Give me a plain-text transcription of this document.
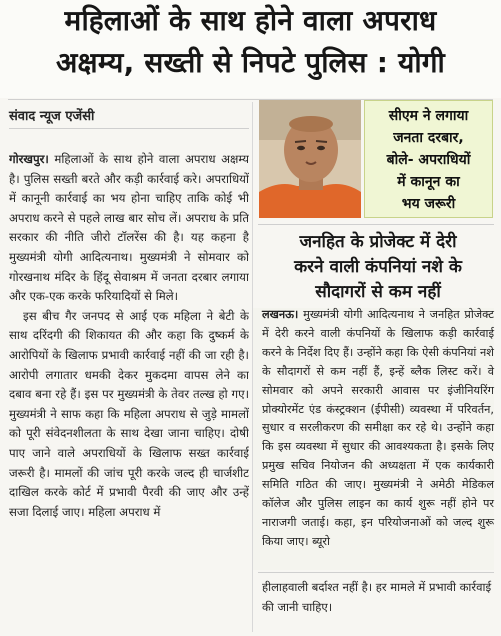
महिलाओं के साथ होने वाला अपराध
अक्षम्य, सख्ती से निपटे पुलिस : योगी
संवाद न्यूज एजेंसी

गोरखपुर। महिलाओं के साथ होने वाला अपराध अक्षम्य है। पुलिस सख्ती बरते और कड़ी कार्रवाई करे। अपराधियों में कानूनी कार्रवाई का भय होना चाहिए ताकि कोई भी अपराध करने से पहले लाख बार सोच लें। अपराध के प्रति सरकार की नीति जीरो टॉलरेंस की है। यह कहना है मुख्यमंत्री योगी आदित्यनाथ। मुख्यमंत्री ने सोमवार को गोरखनाथ मंदिर के हिंदू सेवाश्रम में जनता दरबार लगाया और एक-एक करके फरियादियों से मिले।

इस बीच गैर जनपद से आई एक महिला ने बेटी के साथ दरिंदगी की शिकायत की और कहा कि दुष्कर्म के आरोपियों के खिलाफ प्रभावी कार्रवाई नहीं की जा रही है। आरोपी लगातार धमकी देकर मुकदमा वापस लेने का दबाव बना रहे हैं। इस पर मुख्यमंत्री के तेवर तल्ख हो गए। मुख्यमंत्री ने साफ कहा कि महिला अपराध से जुड़े मामलों को पूरी संवेदनशीलता के साथ देखा जाना चाहिए। दोषी पाए जाने वाले अपराधियों के खिलाफ सख्त कार्रवाई जरूरी है। मामलों की जांच पूरी करके जल्द ही चार्जशीट दाखिल करके कोर्ट में प्रभावी पैरवी की जाए और उन्हें सजा दिलाई जाए। महिला अपराध में

सीएम ने लगाया
जनता दरबार,
बोले- अपराधियों
में कानून का
भय जरूरी
जनहित के प्रोजेक्ट में देरी
करने वाली कंपनियां नशे के
सौदागरों से कम नहीं
लखनऊ। मुख्यमंत्री योगी आदित्यनाथ ने जनहित प्रोजेक्ट में देरी करने वाली कंपनियों के खिलाफ कड़ी कार्रवाई करने के निर्देश दिए हैं। उन्होंने कहा कि ऐसी कंपनियां नशे के सौदागरों से कम नहीं हैं, इन्हें ब्लैक लिस्ट करें। वे सोमवार को अपने सरकारी आवास पर इंजीनियरिंग प्रोक्योरमेंट एंड कंस्ट्रक्शन (ईपीसी) व्यवस्था में परिवर्तन, सुधार व सरलीकरण की समीक्षा कर रहे थे। उन्होंने कहा कि इस व्यवस्था में सुधार की आवश्यकता है। इसके लिए प्रमुख सचिव नियोजन की अध्यक्षता में एक कार्यकारी समिति गठित की जाए। मुख्यमंत्री ने अमेठी मेडिकल कॉलेज और पुलिस लाइन का कार्य शुरू नहीं होने पर नाराजगी जताई। कहा, इन परियोजनाओं को जल्द शुरू किया जाए। ब्यूरो
हीलाहवाली बर्दाश्त नहीं है। हर मामले में प्रभावी कार्रवाई की जानी चाहिए।
